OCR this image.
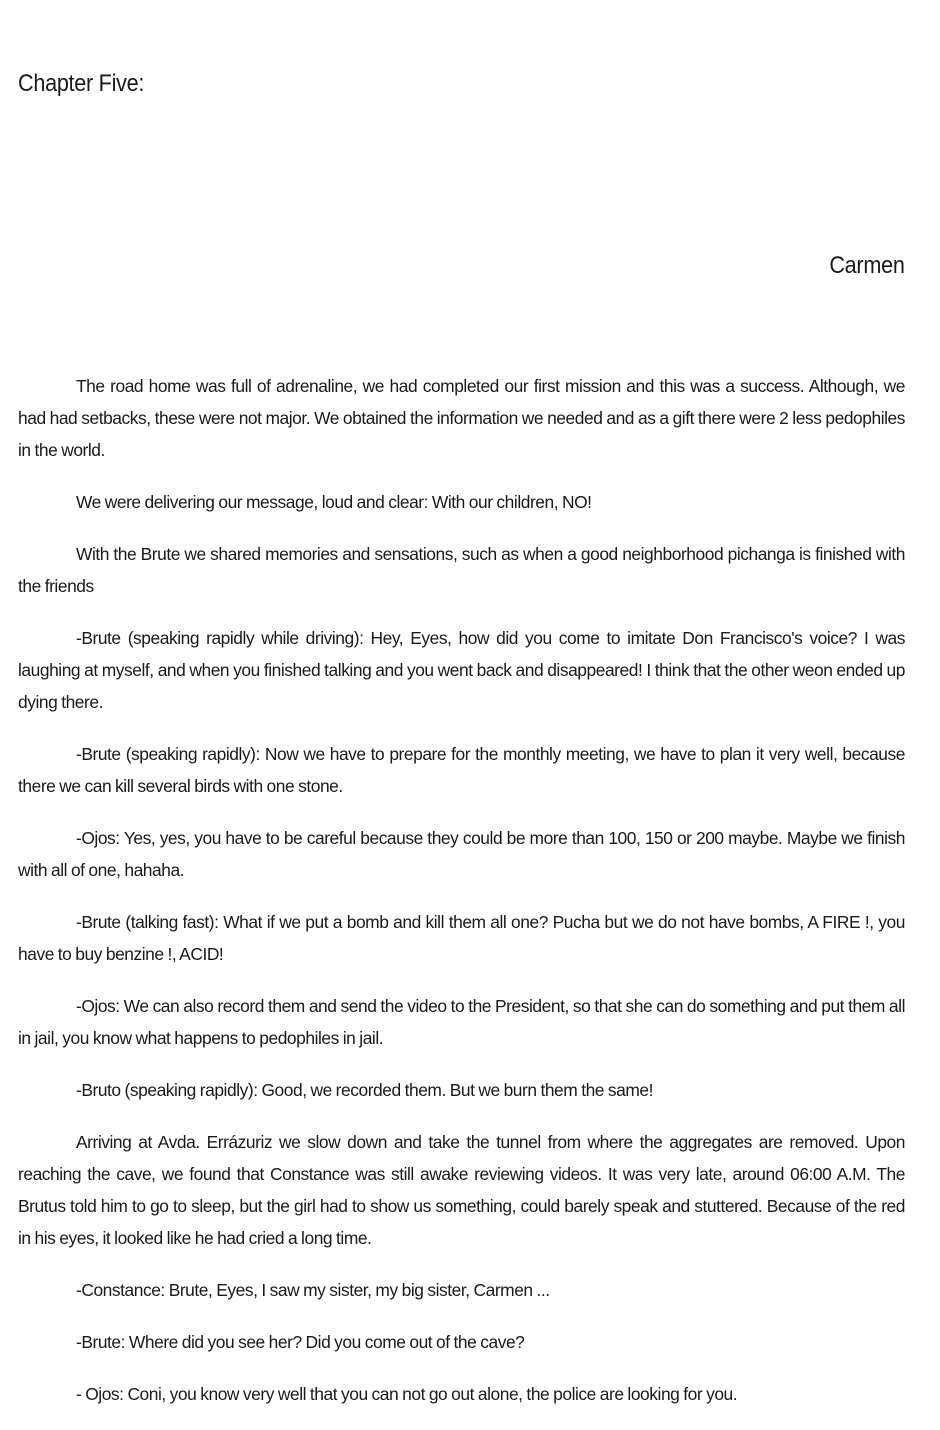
Chapter Five:
Carmen

The road home was full of adrenaline, we had completed our first mission and this was a success. Although, we had had setbacks, these were not major. We obtained the information we needed and as a gift there were 2 less pedophiles in the world.

We were delivering our message, loud and clear: With our children, NO!

With the Brute we shared memories and sensations, such as when a good neighborhood pichanga is finished with the friends

-Brute (speaking rapidly while driving): Hey, Eyes, how did you come to imitate Don Francisco's voice? I was laughing at myself, and when you finished talking and you went back and disappeared! I think that the other weon ended up dying there.

-Brute (speaking rapidly): Now we have to prepare for the monthly meeting, we have to plan it very well, because there we can kill several birds with one stone.

-Ojos: Yes, yes, you have to be careful because they could be more than 100, 150 or 200 maybe. Maybe we finish with all of one, hahaha.

-Brute (talking fast): What if we put a bomb and kill them all one? Pucha but we do not have bombs, A FIRE !, you have to buy benzine !, ACID!

-Ojos: We can also record them and send the video to the President, so that she can do something and put them all in jail, you know what happens to pedophiles in jail.

-Bruto (speaking rapidly): Good, we recorded them. But we burn them the same!

Arriving at Avda. Errázuriz we slow down and take the tunnel from where the aggregates are removed. Upon reaching the cave, we found that Constance was still awake reviewing videos. It was very late, around 06:00 A.M. The Brutus told him to go to sleep, but the girl had to show us something, could barely speak and stuttered. Because of the red in his eyes, it looked like he had cried a long time.

-Constance: Brute, Eyes, I saw my sister, my big sister, Carmen ...

-Brute: Where did you see her? Did you come out of the cave?

- Ojos: Coni, you know very well that you can not go out alone, the police are looking for you.
